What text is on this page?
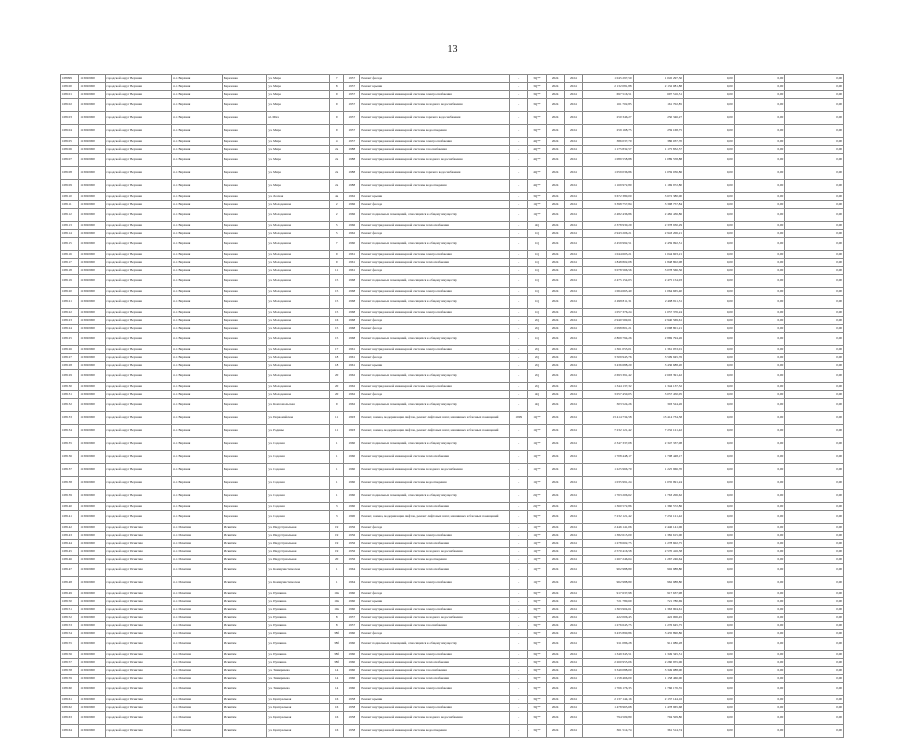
13
108099	113020000	городской округ Верхняя	п.г. Верхняя	Березовка	ул. Мира	7	1957	Ремонт фасада	-	3Q**	2024	2024	1 045 297,50	1 045 297,50	0,00	0,00	0,00
108100	113020000	городской округ Верхняя	п.г. Верхняя	Березовка	ул. Мира	8	1957	Ремонт крыши	-	3Q**	2024	2024	2 132 081,88	2 132 081,88	0,00	0,00	0,00
108101	113020000	городской округ Верхняя	п.г. Верхняя	Березовка	ул. Мира	9	1957	Ремонт внутридомовой инженерной системы электроснабжения	-	3Q**	2024	2024	697 516,51	697 516,51	0,00	0,00	0,00
108102	113020000	городской округ Верхняя	п.г. Верхняя	Березовка	ул. Мира	9	1957	Ремонт внутридомовой инженерной системы холодного водоснабжения	-	3Q**	2024	2024	161 702,85	161 702,85	0,00	0,00	0,00
108103	113020000	городской округ Верхняя	п.г. Верхняя	Березовка	ul. Mira	9	1957	Ремонт внутридомовой инженерной системы горячего водоснабжения	-	3Q**	2024	2024	250 346,27	250 346,27	0,00	0,00	0,00
108104	113020000	городской округ Верхняя	п.г. Верхняя	Березовка	ул. Мира	9	1957	Ремонт внутридомовой инженерной системы водоотведения	-	3Q**	2024	2024	259 168,75	259 168,75	0,00	0,00	0,00
108105	113020000	городской округ Верхняя	п.г. Верхняя	Березовка	ул. Мира	4	1957	Ремонт внутридомовой инженерной системы электроснабжения	-	4Q**	2024	2024	386 037,70	386 037,70	0,00	0,00	0,00
108106	113020000	городской округ Верхняя	п.г. Верхняя	Березовка	ул. Мира	2а	1988	Ремонт внутридомовой инженерной системы газоснабжения	-	4Q**	2024	2024	1 175 832,57	1 175 832,57	0,00	0,00	0,00
108107	113020000	городской округ Верхняя	п.г. Верхняя	Березовка	ул. Мира	2а	1988	Ремонт внутридомовой инженерной системы холодного водоснабжения	-	4Q**	2024	2024	1 089 558,88	1 089 558,88	0,00	0,00	0,00
108108	113020000	городской округ Верхняя	п.г. Верхняя	Березовка	ул. Мира	2а	1988	Ремонт внутридомовой инженерной системы горячего водоснабжения	-	4Q**	2024	2024	1 059 036,86	1 059 036,86	0,00	0,00	0,00
108109	113020000	городской округ Верхняя	п.г. Верхняя	Березовка	ул. Мира	2а	1988	Ремонт внутридомовой инженерной системы водоотведения	-	4Q**	2024	2024	1 169 972,80	1 169 972,80	0,00	0,00	0,00
108110	113020000	городской округ Верхняя	п.г. Верхняя	Березовка	ул. Лесная	4а	1962	Ремонт крыши	-	3Q**	2024	2024	3 672 380,00	3 672 380,00	0,00	0,00	0,00
108111	113020000	городской округ Верхняя	п.г. Верхняя	Березовка	ул. Молодежная	2	1966	Ремонт фасада	-	1Q**	2024	2024	3 398 757,84	3 398 757,84	0,00	0,00	0,00
108112	113020000	городской округ Верхняя	п.г. Верхняя	Березовка	ул. Молодежная	2	1966	Ремонт подвальных помещений, относящихся к общему имуществу	-	1Q**	2024	2024	2 482 436,86	2 482 436,86	0,00	0,00	0,00
108113	113020000	городской округ Верхняя	п.г. Верхняя	Березовка	ул. Молодежная	5	1966	Ремонт внутридомовой инженерной системы теплоснабжения	-	4Q	2024	2024	2 378 930,29	2 378 930,29	0,00	0,00	0,00
108114	113020000	городской округ Верхняя	п.г. Верхняя	Березовка	ул. Молодежная	5	1962	Ремонт фасада	-	1Q	2024	2024	2 943 206,21	2 943 206,21	0,00	0,00	0,00
108115	113020000	городской округ Верхняя	п.г. Верхняя	Березовка	ул. Молодежная	7	1960	Ремонт подвальных помещений, относящихся к общему имуществу	-	1Q	2024	2024	2 459 992,51	2 459 992,51	0,00	0,00	0,00
108116	113020000	городской округ Верхняя	п.г. Верхняя	Березовка	ул. Молодежная	9	1961	Ремонт внутридомовой инженерной системы электроснабжения	-	1Q	2024	2024	1 044 603,21	1 044 603,21	0,00	0,00	0,00
108117	113020000	городской округ Верхняя	п.г. Верхняя	Березовка	ул. Молодежная	9	1961	Ремонт внутридомовой инженерной системы теплоснабжения	-	1Q	2024	2024	1 848 802,08	1 848 802,08	0,00	0,00	0,00
108118	113020000	городской округ Верхняя	п.г. Верхняя	Березовка	ул. Молодежная	11	1961	Ремонт фасада	-	1Q	2024	2024	3 078 566,56	3 078 566,56	0,00	0,00	0,00
108119	113020000	городской округ Верхняя	п.г. Верхняя	Березовка	ул. Молодежная	15	1968	Ремонт подвальных помещений, относящихся к общему имуществу	-	1Q	2024	2024	2 475 154,03	2 475 154,03	0,00	0,00	0,00
108120	113020000	городской округ Верхняя	п.г. Верхняя	Березовка	ул. Молодежная	15	1968	Ремонт внутридомовой инженерной системы электроснабжения	-	1Q	2024	2024	1 064 665,40	1 064 665,40	0,00	0,00	0,00
108121	113020000	городской округ Верхняя	п.г. Верхняя	Березовка	ул. Молодежная	15	1968	Ремонт подвальных помещений, относящихся к общему имуществу	-	1Q	2024	2024	2 498 811,31	2 498 811,31	0,00	0,00	0,00
108122	113020000	городской округ Верхняя	п.г. Верхняя	Березовка	ул. Молодежная	15	1968	Ремонт внутридомовой инженерной системы электроснабжения	-	1Q	2024	2024	1 057 376,24	1 057 376,24	0,00	0,00	0,00
108123	113020000	городской округ Верхняя	п.г. Верхняя	Березовка	ул. Молодежная	16	1968	Ремонт фасада	-	2Q	2024	2024	2 940 569,61	2 940 569,61	0,00	0,00	0,00
108124	113020000	городской округ Верхняя	п.г. Верхняя	Березовка	ул. Молодежная	15	1968	Ремонт фасада	-	2Q	2024	2024	2 098 801,21	2 098 801,21	0,00	0,00	0,00
108125	113020000	городской округ Верхняя	п.г. Верхняя	Березовка	ул. Молодежная	15	1968	Ремонт подвальных помещений, относящихся к общему имуществу	-	1Q	2024	2024	2 869 794,26	2 869 794,26	0,00	0,00	0,00
108126	113020000	городской округ Верхняя	п.г. Верхняя	Березовка	ул. Молодежная	17	1961	Ремонт внутридомовой инженерной системы электроснабжения	-	2Q	2024	2024	1 361 053,01	1 361 053,01	0,00	0,00	0,00
108127	113020000	городской округ Верхняя	п.г. Верхняя	Березовка	ул. Молодежная	18	1961	Ремонт фасада	-	2Q	2024	2024	3 509 945,76	3 509 945,76	0,00	0,00	0,00
108128	113020000	городской округ Верхняя	п.г. Верхняя	Березовка	ул. Молодежная	18	1961	Ремонт крыши	-	2Q	2024	2024	3 436 688,20	3 436 688,20	0,00	0,00	0,00
108129	113020000	городской округ Верхняя	п.г. Верхняя	Березовка	ул. Молодежная	20	1962	Ремонт подвальных помещений, относящихся к общему имуществу	-	2Q	2024	2024	2 693 391,42	2 693 391,42	0,00	0,00	0,00
108130	113020000	городской округ Верхняя	п.г. Верхняя	Березовка	ул. Молодежная	20	1962	Ремонт внутридомовой инженерной системы электроснабжения	-	2Q	2024	2024	1 344 137,32	1 344 137,32	0,00	0,00	0,00
108131	113020000	городской округ Верхняя	п.г. Верхняя	Березовка	ул. Молодежная	20	1962	Ремонт фасада	-	4Q	2024	2024	3 057 450,05	3 057 450,05	0,00	0,00	0,00
108132	113020000	городской округ Верхняя	п.г. Верхняя	Березовка	ул. Комсомольская	9	1962	Ремонт подвальных помещений, относящихся к общему имуществу	-	4Q	2024	2024	303 524,26	303 524,26	0,00	0,00	0,00
108133	113020000	городской округ Верхняя	п.г. Верхняя	Березовка	ул. Первомайская	11	1993	Ремонт, замена, модернизация лифтов, ремонт лифтовых шахт, машинных и блочных помещений	1999	1Q**	2024	2024	13 414 734,58	13 414 734,58	0,00	0,00	0,00
108134	113020000	городской округ Верхняя	п.г. Верхняя	Березовка	ул. Родины	11	1993	Ремонт, замена, модернизация лифтов, ремонт лифтовых шахт, машинных и блочных помещений	-	1Q**	2024	2024	7 232 121,42	7 232 121,42	0,00	0,00	0,00
108135	113020000	городской округ Верхняя	п.г. Верхняя	Березовка	ул. Садовая	1	1960	Ремонт подвальных помещений, относящихся к общему имуществу	-	1Q**	2024	2024	2 347 337,08	2 347 337,08	0,00	0,00	0,00
108136	113020000	городской округ Верхняя	п.г. Верхняя	Березовка	ул. Садовая	1	1960	Ремонт внутридомовой инженерной системы теплоснабжения	-	1Q**	2024	2024	1 708 448,17	1 708 448,17	0,00	0,00	0,00
108137	113020000	городской округ Верхняя	п.г. Верхняя	Березовка	ул. Садовая	1	1960	Ремонт внутридомовой инженерной системы холодного водоснабжения	-	1Q**	2024	2024	1 225 966,70	1 225 966,70	0,00	0,00	0,00
108138	113020000	городской округ Верхняя	п.г. Верхняя	Березовка	ул. Садовая	1	1960	Ремонт внутридомовой инженерной системы водоотведения	-	1Q**	2024	2024	1 035 991,24	1 035 991,24	0,00	0,00	0,00
108139	113020000	городской округ Верхняя	п.г. Верхняя	Березовка	ул. Садовая	1	1960	Ремонт подвальных помещений, относящихся к общему имуществу	-	2Q**	2024	2024	1 763 206,62	1 763 206,62	0,00	0,00	0,00
108140	113020000	городской округ Верхняя	п.г. Верхняя	Березовка	ул. Садовая	3	1960	Ремонт внутридомовой инженерной системы теплоснабжения	-	2Q**	2024	2024	1 360 572,86	1 360 572,86	0,00	0,00	0,00
108141	113020000	городской округ Верхняя	п.г. Верхняя	Березовка	ул. Садовая	3	1990	Ремонт, замена, модернизация лифтов, ремонт лифтовых шахт, машинных и блочных помещений	-	3Q**	2024	2024	7 232 121,42	7 232 121,42	0,00	0,00	0,00
108142	113020000	городской округ Искитим	п.г. Искитим	Искитим	ул. Индустриальная	19	1956	Ремонт фасада	-	1Q**	2024	2024	2 446 141,06	2 446 141,06	0,00	0,00	0,00
108143	113020000	городской округ Искитим	п.г. Искитим	Искитим	ул. Индустриальная	19	1956	Ремонт внутридомовой инженерной системы электроснабжения	-	1Q**	2024	2024	1 382 615,00	1 382 615,00	0,00	0,00	0,00
108144	113020000	городской округ Искитим	п.г. Искитим	Искитим	ул. Индустриальная	19	1956	Ремонт внутридомовой инженерной системы теплоснабжения	-	1Q**	2024	2024	1 278 602,75	1 278 602,75	0,00	0,00	0,00
108145	113020000	городской округ Искитим	п.г. Искитим	Искитим	ул. Индустриальная	19	1956	Ремонт внутридомовой инженерной системы холодного водоснабжения	-	1Q**	2024	2024	2 570 416,58	2 570 416,58	0,00	0,00	0,00
108146	113020000	городской округ Искитим	п.г. Искитим	Искитим	ул. Индустриальная	20	1956	Ремонт внутридомовой инженерной системы водоотведения	-	1Q**	2024	2024	1 267 246,64	1 267 246,64	0,00	0,00	0,00
108147	113020000	городской округ Искитим	п.г. Искитим	Искитим	ул. Коммунистическая	1	1964	Ремонт внутридомовой инженерной системы теплоснабжения	-	1Q**	2024	2024	902 988,80	902 988,80	0,00	0,00	0,00
108148	113020000	городской округ Искитим	п.г. Искитим	Искитим	ул. Коммунистическая	1	1964	Ремонт внутридомовой инженерной системы электроснабжения	-	1Q**	2024	2024	962 988,80	962 988,80	0,00	0,00	0,00
108149	113020000	городской округ Искитим	п.г. Искитим	Искитим	ул. Пушкина	10а	1960	Ремонт фасада	-	3Q**	2024	2024	917 637,98	917 637,98	0,00	0,00	0,00
108150	113020000	городской округ Искитим	п.г. Искитим	Искитим	ул. Пушкина	10а	1960	Ремонт крыши	-	3Q**	2024	2024	721 780,69	721 780,69	0,00	0,00	0,00
108151	113020000	городской округ Искитим	п.г. Искитим	Искитим	ул. Пушкина	10а	1960	Ремонт внутридомовой инженерной системы электроснабжения	-	3Q**	2024	2024	1 363 904,61	1 363 904,61	0,00	0,00	0,00
108152	113020000	городской округ Искитим	п.г. Искитим	Искитим	ул. Пушкина	8	1957	Ремонт внутридомовой инженерной системы холодного водоснабжения	-	3Q**	2024	2024	422 006,45	422 006,45	0,00	0,00	0,00
108153	113020000	городской округ Искитим	п.г. Искитим	Искитим	ул. Пушкина	8	1957	Ремонт внутридомовой инженерной системы газоснабжения	-	3Q**	2024	2024	1 276 645,75	1 276 645,75	0,00	0,00	0,00
108154	113020000	городской округ Искитим	п.г. Искитим	Искитим	ул. Пушкина	38б	1960	Ремонт фасада	-	3Q**	2024	2024	3 435 890,86	3 435 890,86	0,00	0,00	0,00
108155	113020000	городской округ Искитим	п.г. Искитим	Искитим	ул. Пушкина	38б	1960	Ремонт подвальных помещений, относящихся к общему имуществу	-	3Q**	2024	2024	911 086,28	911 086,28	0,00	0,00	0,00
108156	113020000	городской округ Искитим	п.г. Искитим	Искитим	ул. Пушкина	38б	1960	Ремонт внутридомовой инженерной системы электроснабжения	-	3Q**	2024	2024	1 349 345,51	1 349 345,51	0,00	0,00	0,00
108157	113020000	городской округ Искитим	п.г. Искитим	Искитим	ул. Пушкина	38б	1960	Ремонт внутридомовой инженерной системы теплоснабжения	-	3Q**	2024	2024	2 260 955,06	2 260 955,06	0,00	0,00	0,00
108158	113020000	городской округ Искитим	п.г. Искитим	Искитим	ул. Тимирязева	14	1960	Ремонт внутридомовой инженерной системы газоснабжения	-	3Q**	2024	2024	3 349 088,00	3 349 088,00	0,00	0,00	0,00
108159	113020000	городской округ Искитим	п.г. Искитим	Искитим	ул. Тимирязева	14	1960	Ремонт внутридомовой инженерной системы теплоснабжения	-	3Q**	2024	2024	1 158 466,00	1 158 466,00	0,00	0,00	0,00
108160	113020000	городской округ Искитим	п.г. Искитим	Искитим	ул. Тимирязева	14	1960	Ремонт внутридомовой инженерной системы электроснабжения	-	3Q**	2024	2024	1 766 176,35	1 766 176,35	0,00	0,00	0,00
108161	113020000	городской округ Искитим	п.г. Искитим	Искитим	ул. Центральная	16	1958	Ремонт крыши	-	3Q**	2024	2024	2 137 144,16	2 137 144,16	0,00	0,00	0,00
108162	113020000	городской округ Искитим	п.г. Искитим	Искитим	ул. Центральная	16	1958	Ремонт внутридомовой инженерной системы электроснабжения	-	3Q**	2024	2024	1 478 965,68	1 478 965,68	0,00	0,00	0,00
108163	113020000	городской округ Искитим	п.г. Искитим	Искитим	ул. Центральная	16	1958	Ремонт внутридомовой инженерной системы холодного водоснабжения	-	3Q**	2024	2024	794 509,80	794 509,80	0,00	0,00	0,00
108164	113020000	городской округ Искитим	п.г. Искитим	Искитим	ул. Центральная	16	1958	Ремонт внутридомовой инженерной системы водоотведения	-	3Q**	2024	2024	361 514,74	361 514,74	0,00	0,00	0,00
